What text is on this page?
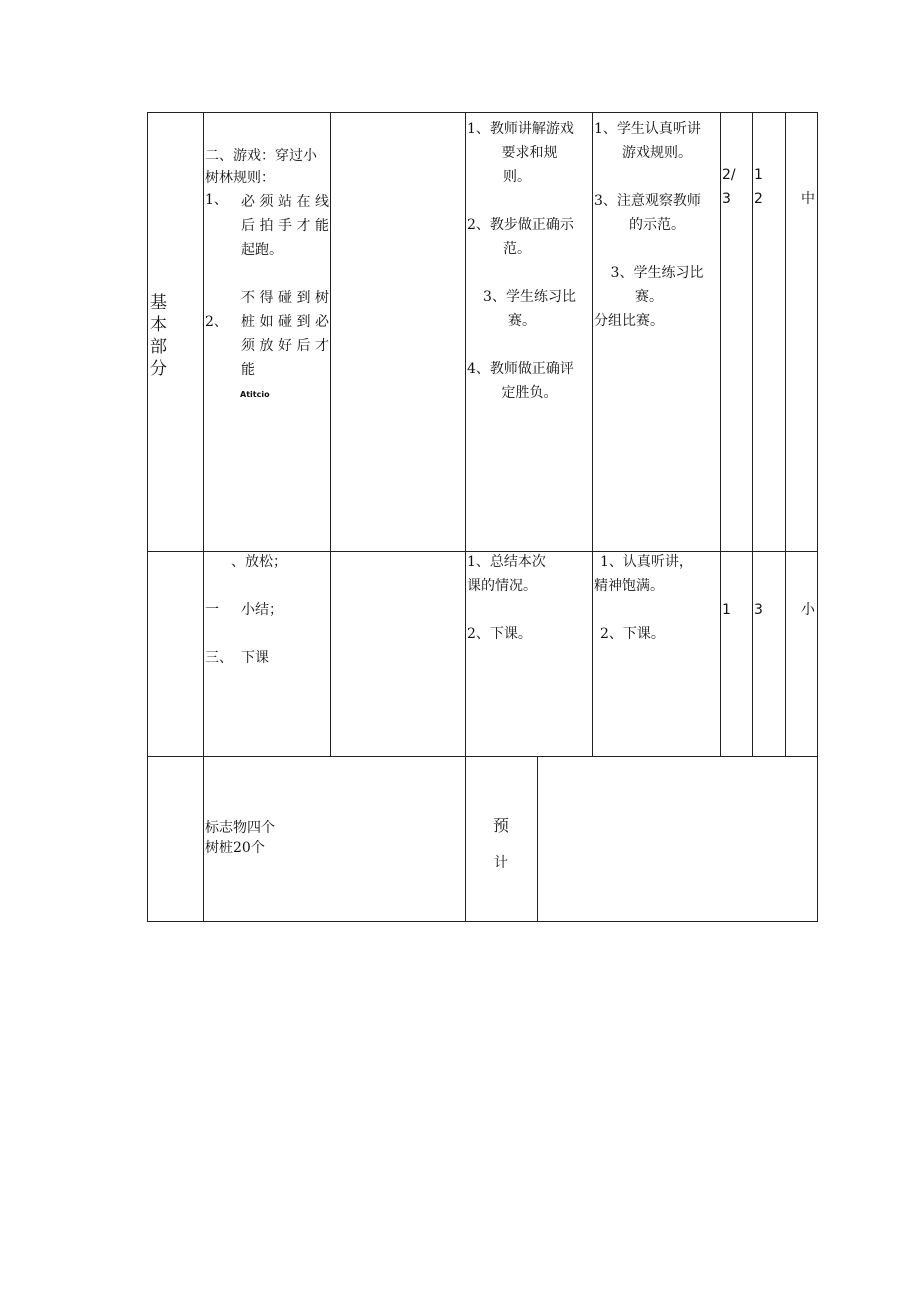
基本部分
二、游戏：穿过小
树林规则：
1、 必须站在线
后拍手才能
起跑。
不得碰到树
2、 桩如碰到必
须放好后才
能
Atitcio
1、教师讲解游戏
要求和规
则。
2、教步做正确示
范。
3、学生练习比
赛。
4、教师做正确评
定胜负。
1、学生认真听讲
游戏规则。
3、注意观察教师
的示范。
3、学生练习比
赛。
分组比赛。
2/
3
1
2	中
、放松；
一 小结；
三、 下课
1、总结本次
课的情况。
2、下课。
1、认真听讲，
精神饱满。
2、下课。
1 3	小
标志物四个
树桩20个
预
计
